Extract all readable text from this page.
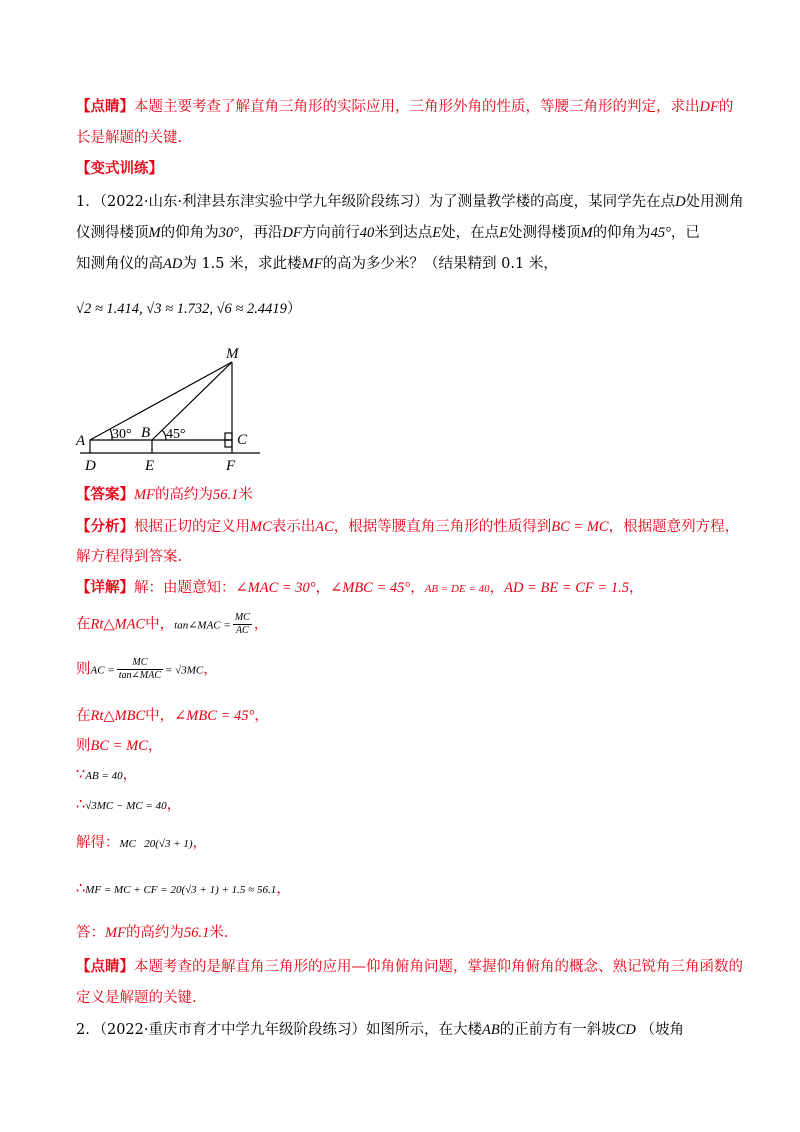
【点睛】本题主要考查了解直角三角形的实际应用，三角形外角的性质，等腰三角形的判定，求出DF的
长是解题的关键.
【变式训练】
1．（2022·山东·利津县东津实验中学九年级阶段练习）为了测量教学楼的高度，某同学先在点D处用测角
仪测得楼顶M的仰角为30°，再沿DF方向前行40米到达点E处，在点E处测得楼顶M的仰角为45°，已
知测角仪的高AD为 1.5 米，求此楼MF的高为多少米？（结果精到 0.1 米，
√2 ≈ 1.414, √3 ≈ 1.732, √6 ≈ 2.4419）
M
A	B	C
D	E	F
30° 45°
【答案】MF的高约为56.1米
【分析】根据正切的定义用MC表示出AC，根据等腰直角三角形的性质得到BC = MC，根据题意列方程，
解方程得到答案.
【详解】解：由题意知：∠MAC = 30°，∠MBC = 45°，AB = DE = 40，AD = BE = CF = 1.5，
在Rt△MAC中，tan∠MAC = $\frac{MC}{AC}$ ，
则AC = $\frac{MC}{\text{tan∠MAC}} = √3MC$，
在Rt△MBC中，∠MBC = 45°，
则BC = MC，
∵AB = 40，
∴√3MC − MC = 40，
解得：MC   20(√3 + 1)，
∴MF = MC + CF = 20(√3 + 1) + 1.5 ≈ 56.1，
答：MF的高约为56.1米.
【点睛】本题考查的是解直角三角形的应用—仰角俯角问题，掌握仰角俯角的概念、熟记锐角三角函数的
定义是解题的关键.
2．（2022·重庆市育才中学九年级阶段练习）如图所示，在大楼AB的正前方有一斜坡CD （坡角
